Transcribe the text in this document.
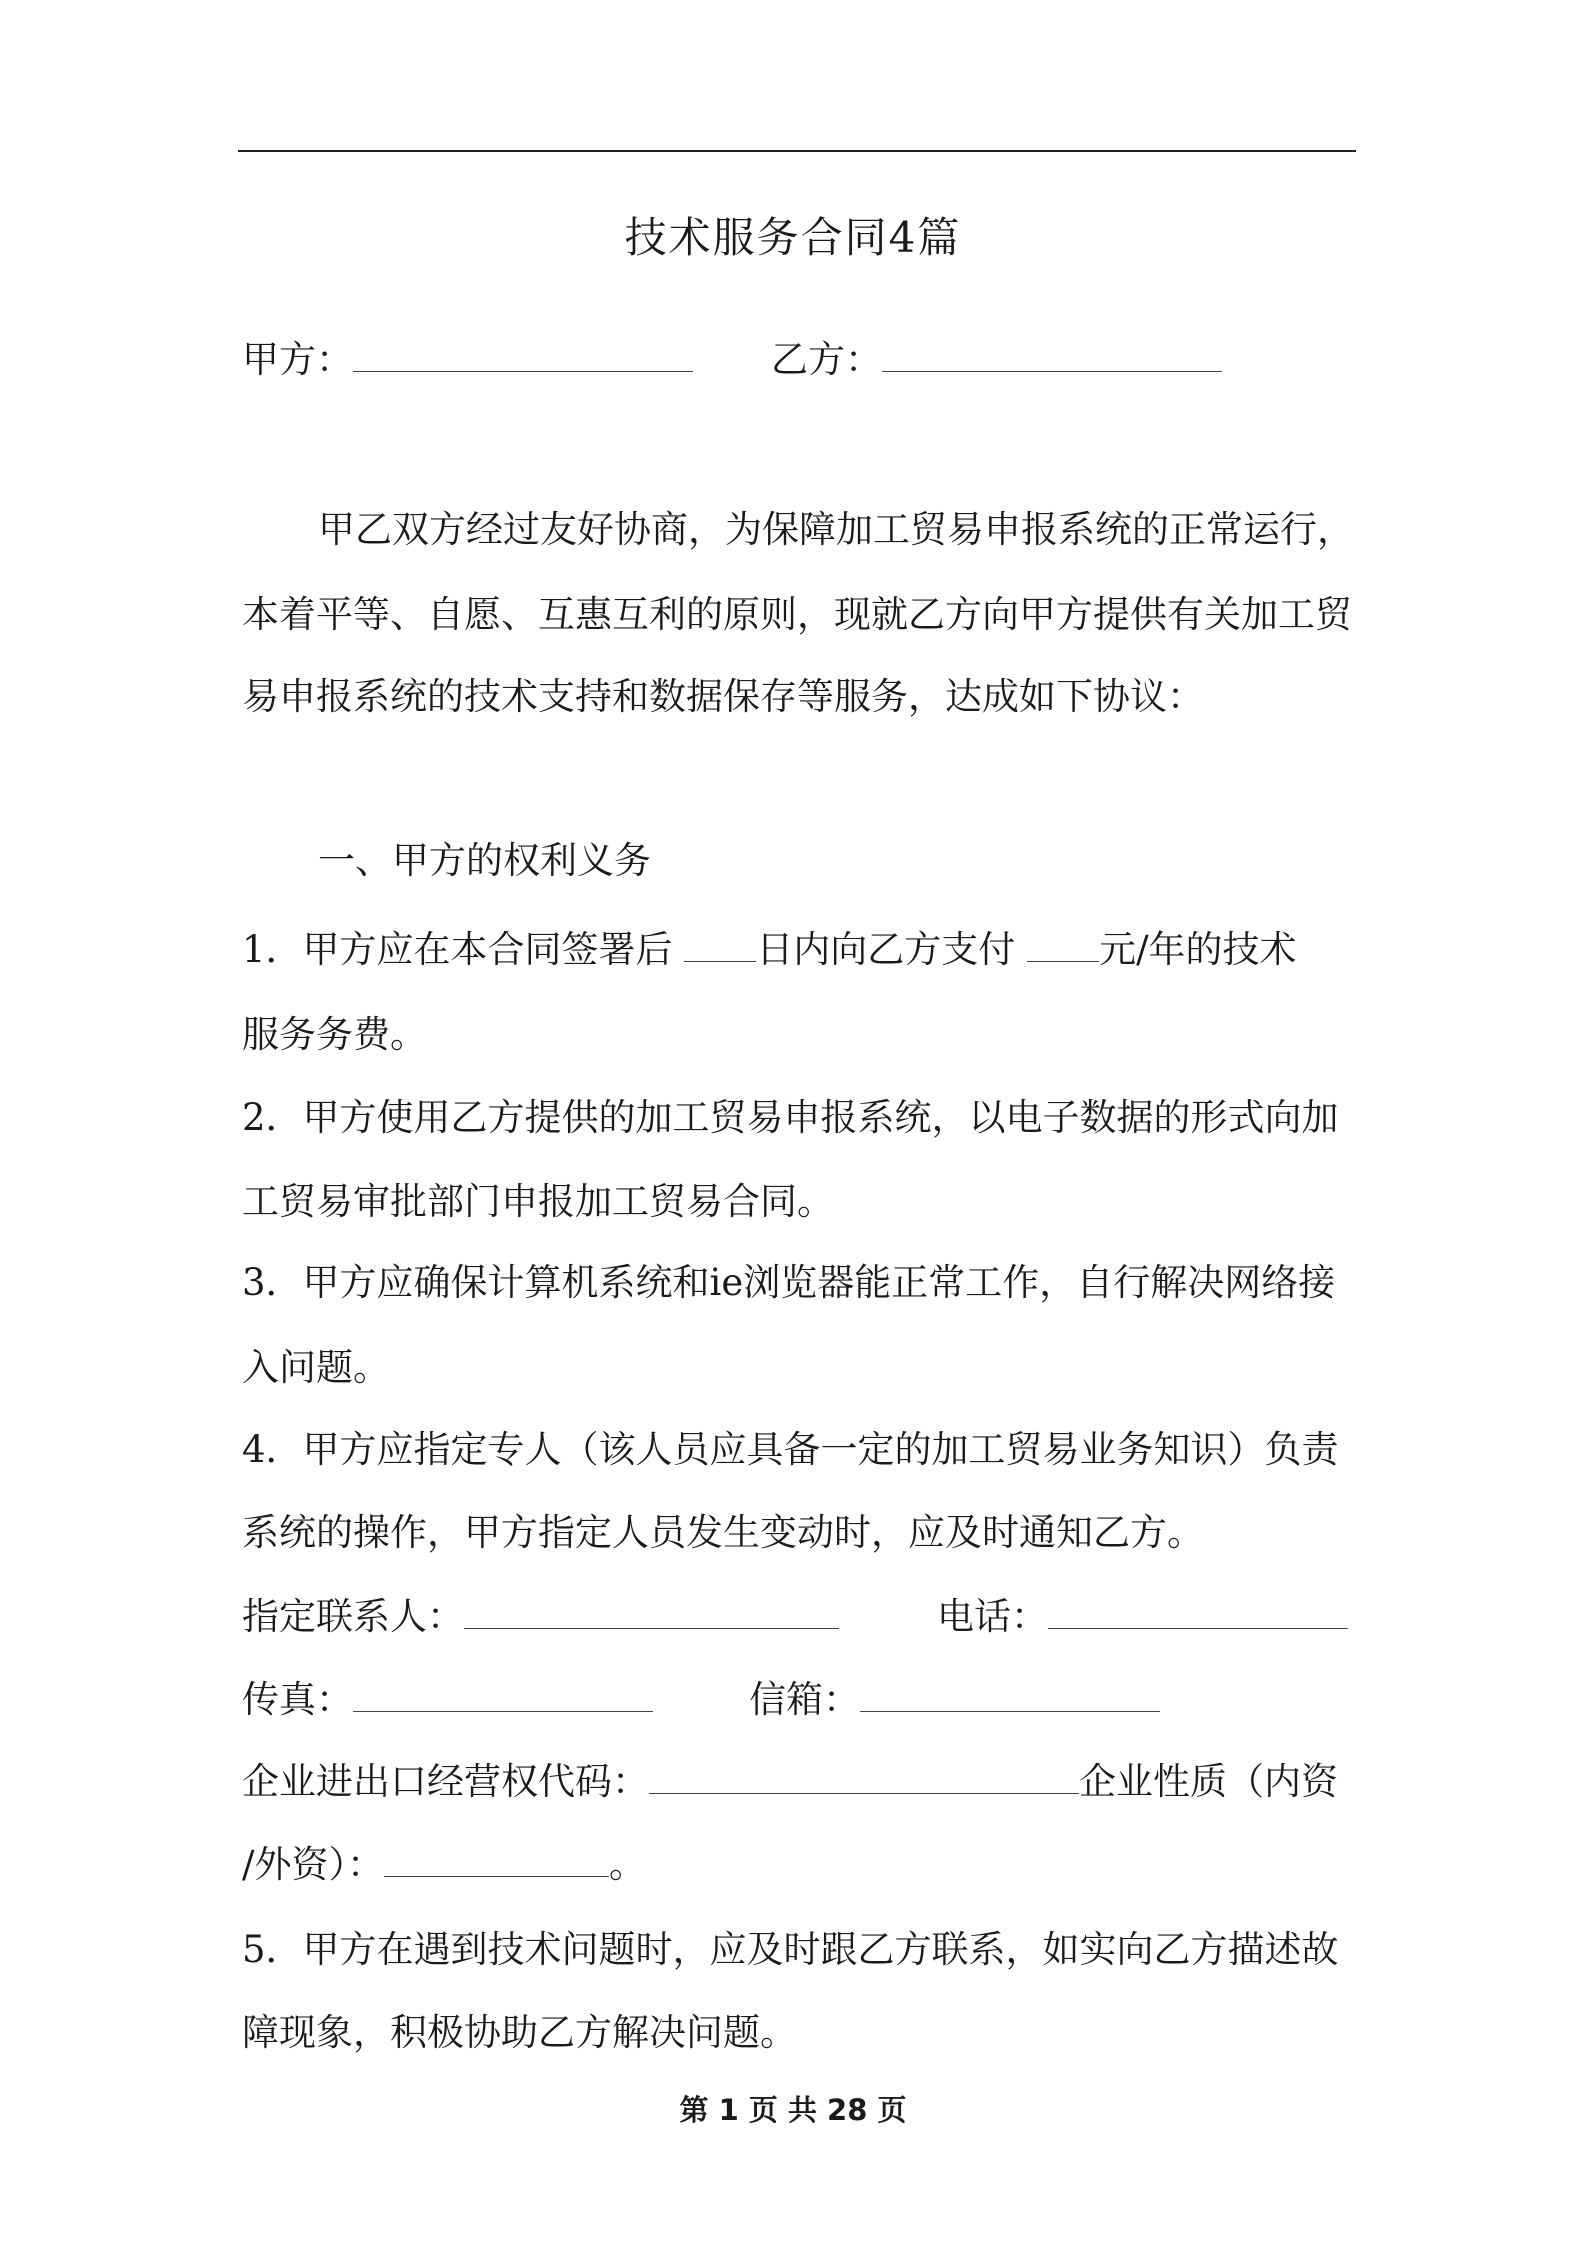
技术服务合同4篇
甲方：	乙方：
甲乙双方经过友好协商，为保障加工贸易申报系统的正常运行，
本着平等、自愿、互惠互利的原则，现就乙方向甲方提供有关加工贸
易申报系统的技术支持和数据保存等服务，达成如下协议：
一、甲方的权利义务
1．甲方应在本合同签署后 日内向乙方支付 元/年的技术
服务务费。
2．甲方使用乙方提供的加工贸易申报系统，以电子数据的形式向加
工贸易审批部门申报加工贸易合同。
3．甲方应确保计算机系统和ie浏览器能正常工作，自行解决网络接
入问题。
4．甲方应指定专人（该人员应具备一定的加工贸易业务知识）负责
系统的操作，甲方指定人员发生变动时，应及时通知乙方。
指定联系人：	电话：
传真：	信箱：
企业进出口经营权代码：	企业性质（内资
/外资）：	。
5．甲方在遇到技术问题时，应及时跟乙方联系，如实向乙方描述故
障现象，积极协助乙方解决问题。
第 1 页 共 28 页
